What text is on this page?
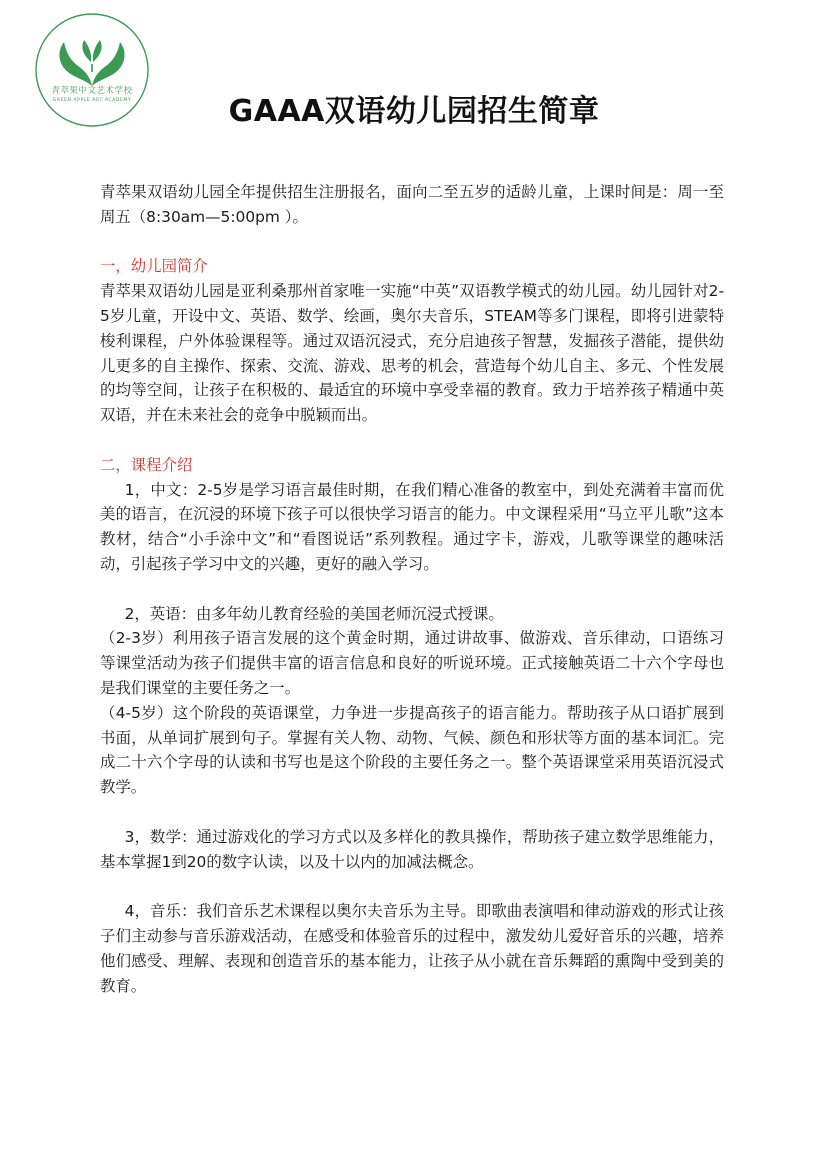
青萃果中文艺术学校
GREEN APPLE ART ACADEMY	GAAA双语幼儿园招生简章

青萃果双语幼儿园全年提供招生注册报名，面向二至五岁的适龄儿童，上课时间是：周一至周五（8:30am—5:00pm ）。

一，幼儿园简介

青萃果双语幼儿园是亚利桑那州首家唯一实施“中英”双语教学模式的幼儿园。幼儿园针对2-5岁儿童，开设中文、英语、数学、绘画，奥尔夫音乐，STEAM等多门课程，即将引进蒙特梭利课程，户外体验课程等。通过双语沉浸式，充分启迪孩子智慧，发掘孩子潜能，提供幼儿更多的自主操作、探索、交流、游戏、思考的机会，营造每个幼儿自主、多元、个性发展的均等空间，让孩子在积极的、最适宜的环境中享受幸福的教育。致力于培养孩子精通中英双语，并在未来社会的竞争中脱颖而出。

二，课程介绍

1，中文：2-5岁是学习语言最佳时期，在我们精心准备的教室中，到处充满着丰富而优美的语言，在沉浸的环境下孩子可以很快学习语言的能力。中文课程采用“马立平儿歌”这本教材，结合“小手涂中文”和“看图说话”系列教程。通过字卡，游戏，儿歌等课堂的趣味活动，引起孩子学习中文的兴趣，更好的融入学习。

2，英语：由多年幼儿教育经验的美国老师沉浸式授课。

（2-3岁）利用孩子语言发展的这个黄金时期，通过讲故事、做游戏、音乐律动，口语练习等课堂活动为孩子们提供丰富的语言信息和良好的听说环境。正式接触英语二十六个字母也是我们课堂的主要任务之一。

（4-5岁）这个阶段的英语课堂，力争进一步提高孩子的语言能力。帮助孩子从口语扩展到书面，从单词扩展到句子。掌握有关人物、动物、气候、颜色和形状等方面的基本词汇。完成二十六个字母的认读和书写也是这个阶段的主要任务之一。整个英语课堂采用英语沉浸式教学。

3，数学：通过游戏化的学习方式以及多样化的教具操作，帮助孩子建立数学思维能力，基本掌握1到20的数字认读，以及十以内的加减法概念。

4，音乐：我们音乐艺术课程以奥尔夫音乐为主导。即歌曲表演唱和律动游戏的形式让孩子们主动参与音乐游戏活动，在感受和体验音乐的过程中，激发幼儿爱好音乐的兴趣，培养他们感受、理解、表现和创造音乐的基本能力，让孩子从小就在音乐舞蹈的熏陶中受到美的教育。
